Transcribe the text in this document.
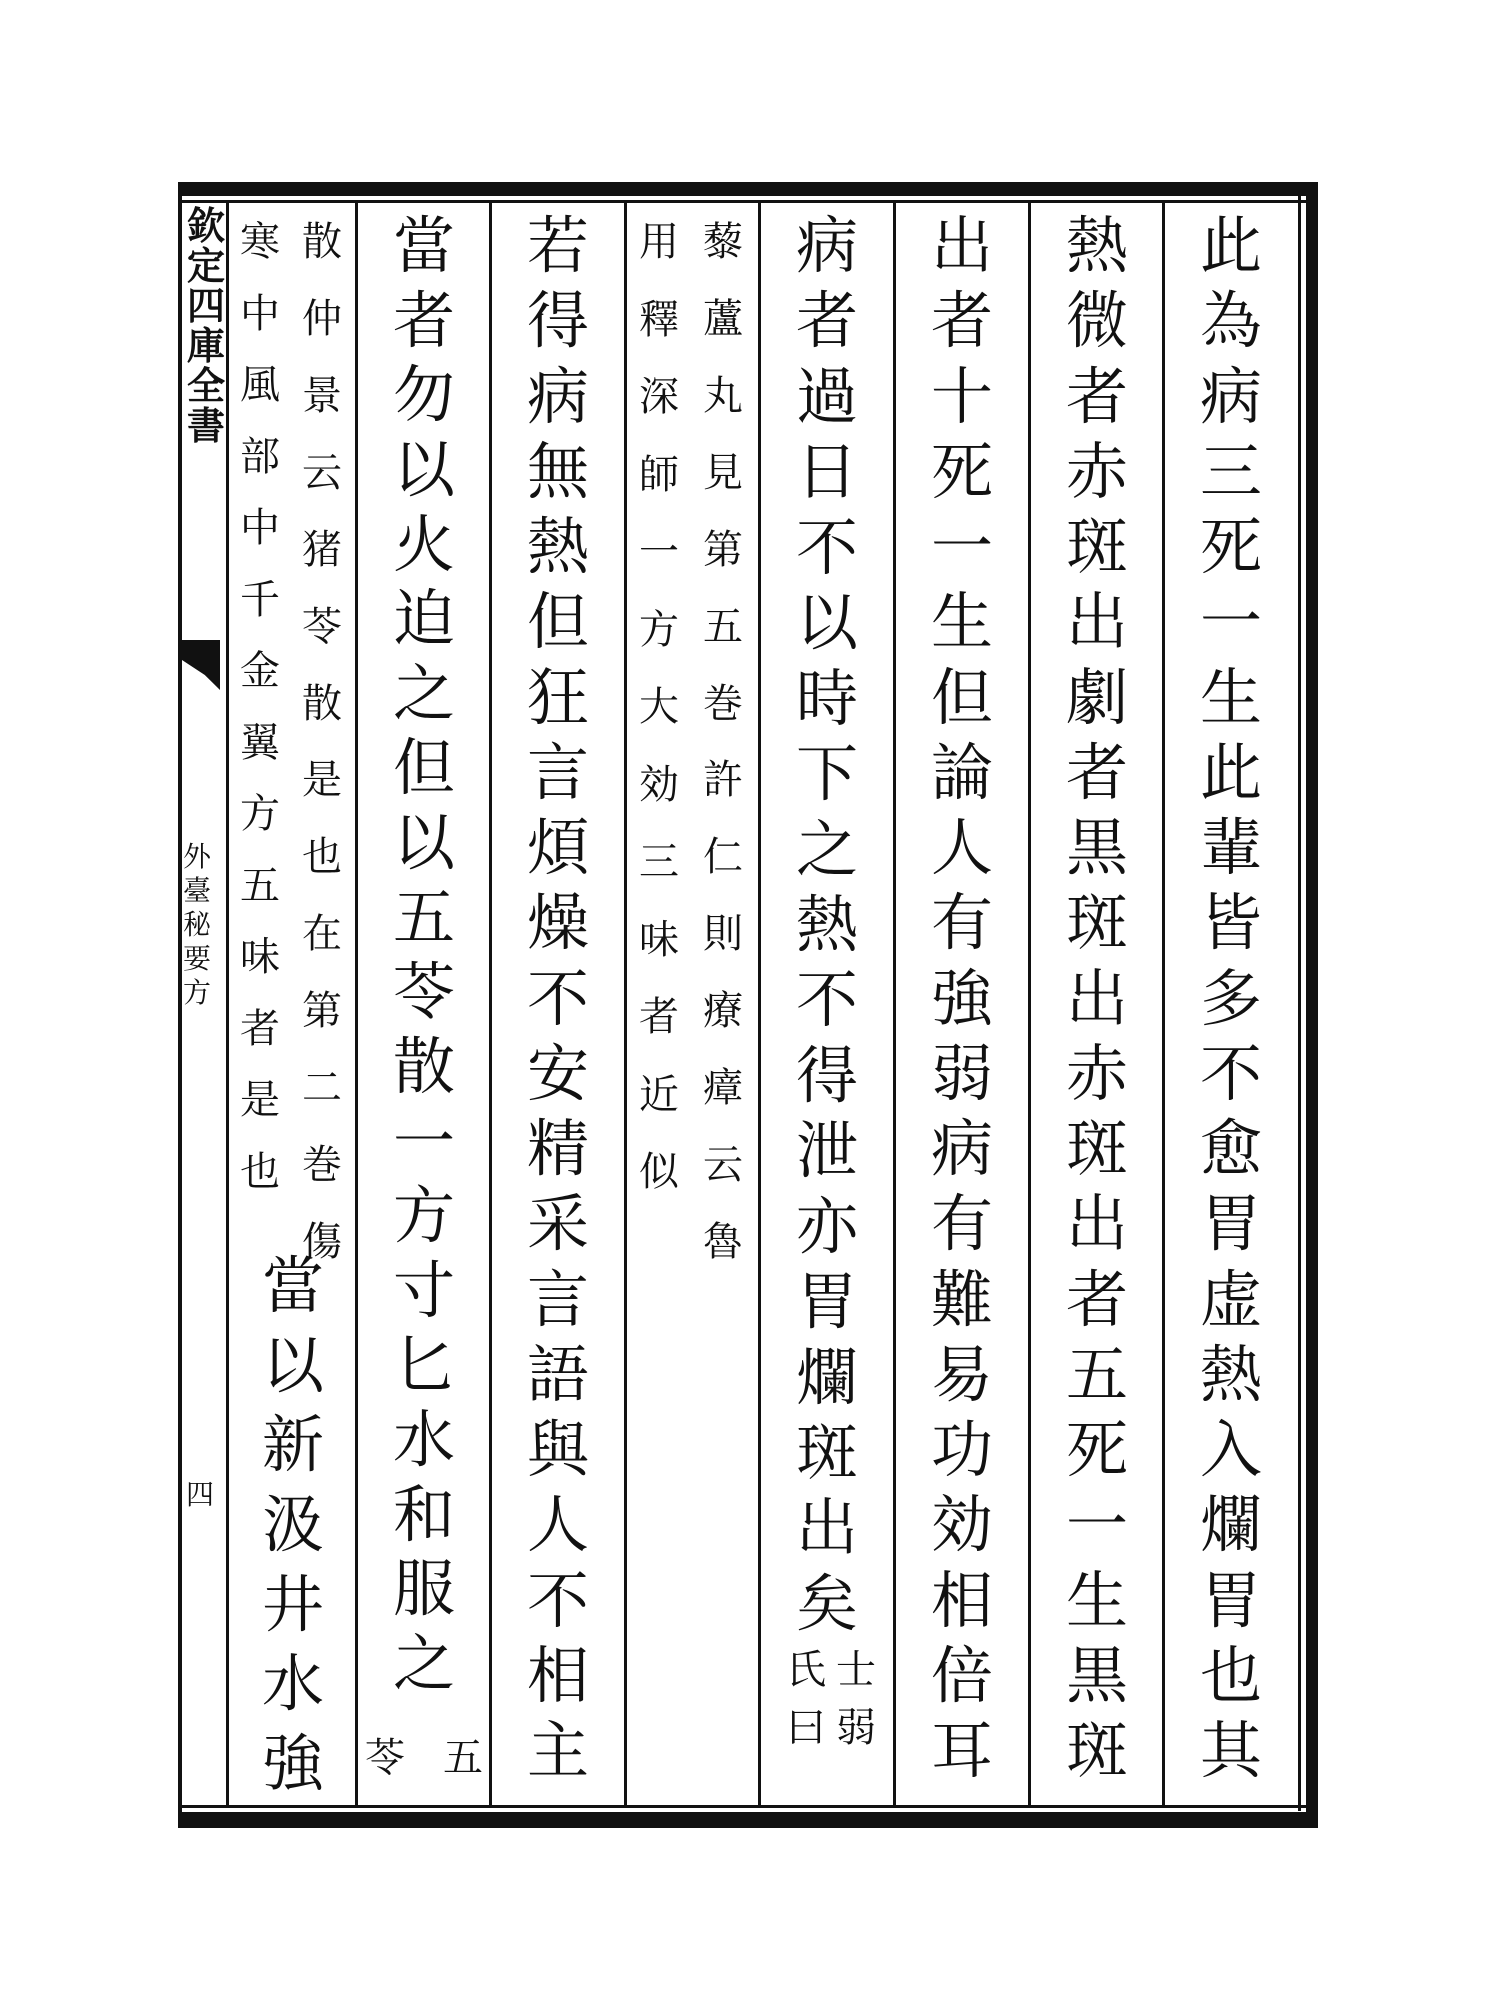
欽定四庫全書
外臺秘要方
四
此
為
病
三
死
一
生
此
輩
皆
多
不
愈
胃
虚
熱
入
爛
胃
也
其
熱
微
者
赤
斑
出
劇
者
黒
斑
出
赤
斑
出
者
五
死
一
生
黒
斑
出
者
十
死
一
生
但
論
人
有
強
弱
病
有
難
易
功
効
相
倍
耳
病
者
過
日
不
以
時
下
之
熱
不
得
泄
亦
胃
爛
斑
出
矣
士
弱
氏
曰
藜
蘆
丸
見
第
五
巻
許
仁
則
療
瘴
云
魯
用
釋
深
師
一
方
大
効
三
味
者
近
似
若
得
病
無
熱
但
狂
言
煩
燥
不
安
精
采
言
語
與
人
不
相
主
當
者
勿
以
火
迫
之
但
以
五
苓
散
一
方
寸
匕
水
和
服
之
五
苓
散
仲
景
云
猪
苓
散
是
也
在
第
二
巻
傷
寒
中
風
部
中
千
金
翼
方
五
味
者
是
也
當
以
新
汲
井
水
強
